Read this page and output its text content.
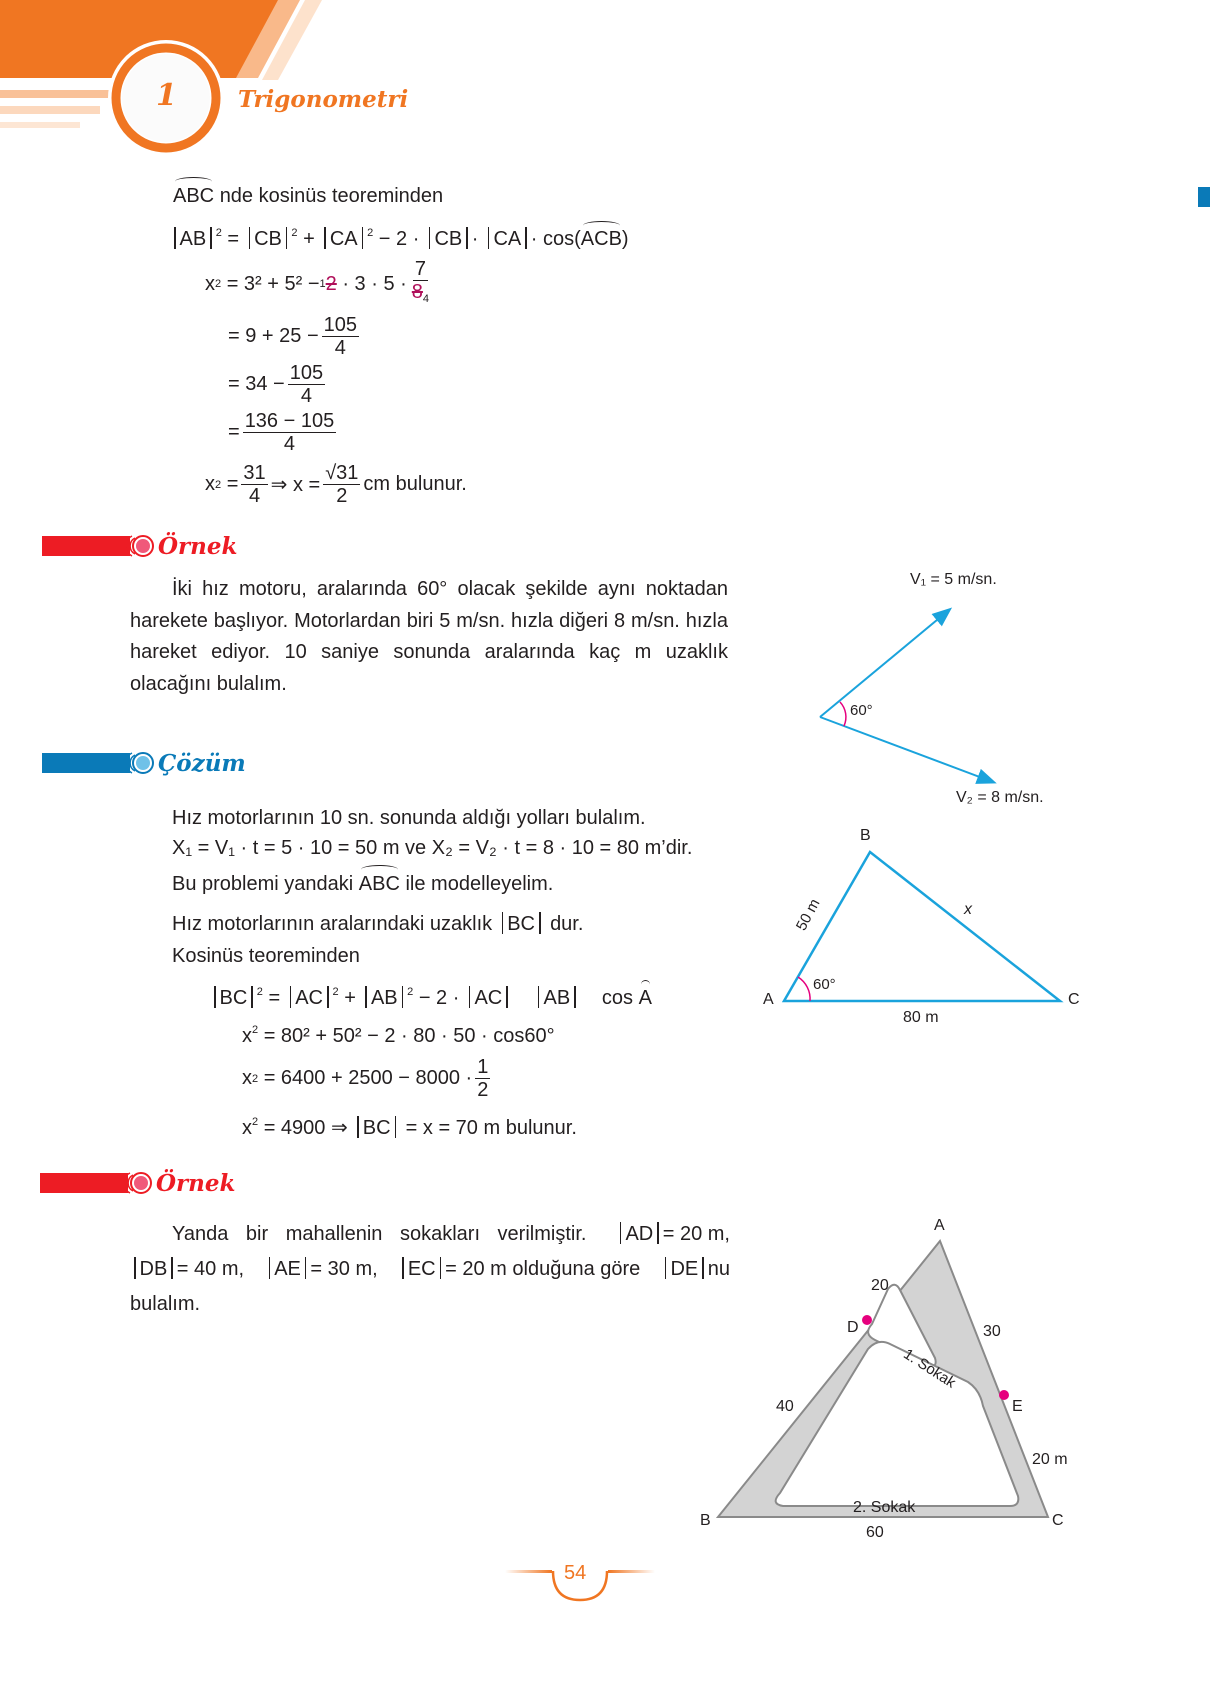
1	Trigonometri
ABC nde kosinüs teoreminden
AB $^2$ = CB $^2$ + CA $^2$ − 2 · CB · CA · cos(ACB)
x 2
= 3² + 5² − 1 2
· $3 \cdot 5 \cdot \frac{7}{8_4}$
= $9 + 25 - \frac{105}{4}$
= $34 - \frac{105}{4}$
= $\frac{136 - 105}{4}$
x 2
= $\frac{31}{4}$ ⇒ $x = \frac{√31}{2}$ cm bulunur.
Örnek
İki hız motoru, aralarında 60° olacak şekilde aynı noktadan harekete başlıyor. Motorlardan biri 5 m/sn. hızla diğeri 8 m/sn. hızla hareket ediyor. 10 saniye sonunda aralarında kaç m uzaklık olacağını bulalım.
V₁ = 5 m/sn.
60°
V₂ = 8 m/sn.
Çözüm
Hız motorlarının 10 sn. sonunda aldığı yolları bulalım.
X₁ = V₁ · t = 5 · 10 = 50 m ve X₂ = V₂ · t = 8 · 10 = 80 m’dir.
Bu problemi yandaki ABC ile modelleyelim.
Hız motorlarının aralarındaki uzaklık BC dur.
Kosinüs teoreminden
BC $^2$ = AC $^2$ + AB $^2$ − 2 · AC AB cos A
$x^2 = 80^2 + 50^2 - 2 \cdot 80 \cdot 50 \cdot \cos 60^\circ$
x 2
= $6400 + 2500 - 8000 \cdot \frac{1}{2}$
$x^2 = 4900$ ⇒ BC = x = 70 m bulunur.
B
A	C
50 m
80 m
x
60°
Örnek
Yanda bir mahallenin sokakları verilmiştir.	AD = 20 m,
DB = 40 m,	AE = 30 m,	EC = 20 m olduğuna göre	DE nu
bulalım.
A
20
D	30
1. Sokak
40	E
20 m
2. Sokak
B	C
60
54
